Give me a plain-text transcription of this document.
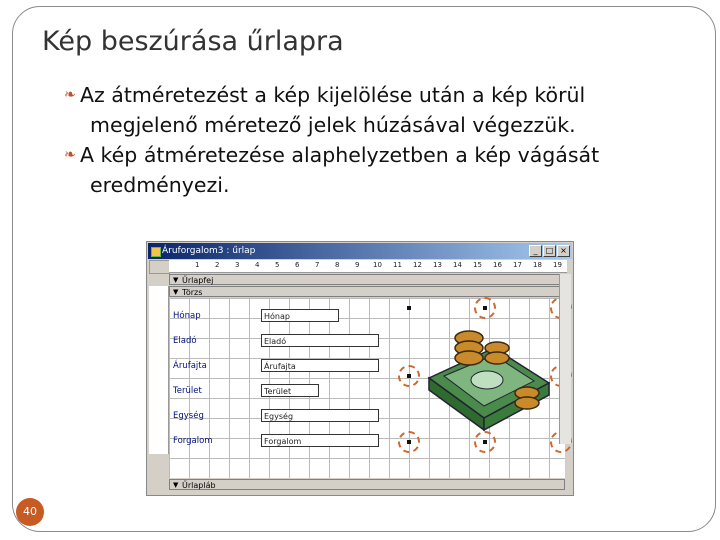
Kép beszúrása űrlapra
❧ Az átméretezést a kép kijelölése után a kép körül
megjelenő méretező jelek húzásával végezzük.
❧ A kép átméretezése alaphelyzetben a kép vágását
eredményezi.
Áruforgalom3 : űrlap	_	□ ×
1 2 3 4 5 6 7 8 9 10 11 12 13 14 15 16 17 18 19
▼ Űrlapfej
▼ Törzs
Hónap	Hónap
Eladó	Eladó
Árufajta	Árufajta
Terület	Terület
Egység	Egység
Forgalom	Forgalom
▼ Űrlapláb
40
